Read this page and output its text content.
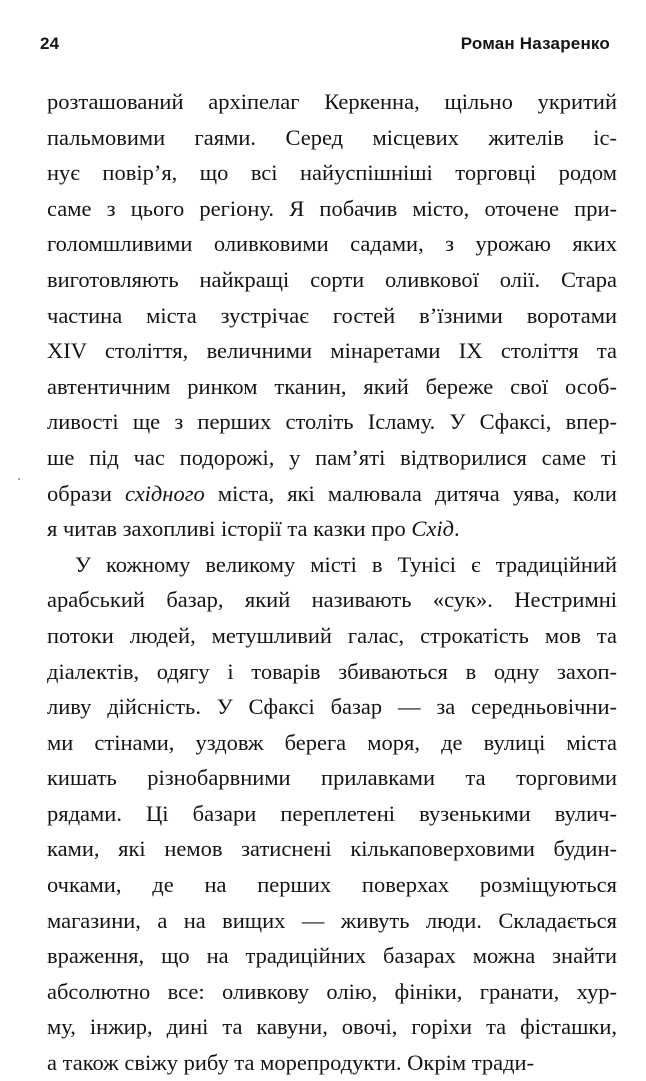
24	Роман Назаренко
розташований архіпелаг Керкенна, щільно укритий
пальмовими гаями. Серед місцевих жителів іс-
нує повір’я, що всі найуспішніші торговці родом
саме з цього регіону. Я побачив місто, оточене при-
голомшливими оливковими садами, з урожаю яких
виготовляють найкращі сорти оливкової олії. Стара
частина міста зустрічає гостей в’їзними воротами
XIV століття, величними мінаретами IX століття та
автентичним ринком тканин, який береже свої особ-
ливості ще з перших століть Ісламу. У Сфаксі, впер-
ше під час подорожі, у пам’яті відтворилися саме ті
образи східного міста, які малювала дитяча уява, коли
я читав захопливі історії та казки про Схід.
У кожному великому місті в Тунісі є традиційний
арабський базар, який називають «сук». Нестримні
потоки людей, метушливий галас, строкатість мов та
діалектів, одягу і товарів збиваються в одну захоп-
ливу дійсність. У Сфаксі базар — за середньовічни-
ми стінами, уздовж берега моря, де вулиці міста
кишать різнобарвними прилавками та торговими
рядами. Ці базари переплетені вузенькими вулич-
ками, які немов затиснені кількаповерховими будин-
очками, де на перших поверхах розміщуються
магазини, а на вищих — живуть люди. Складається
враження, що на традиційних базарах можна знайти
абсолютно все: оливкову олію, фініки, гранати, хур-
му, інжир, дині та кавуни, овочі, горіхи та фісташки,
а також свіжу рибу та морепродукти. Окрім тради-
